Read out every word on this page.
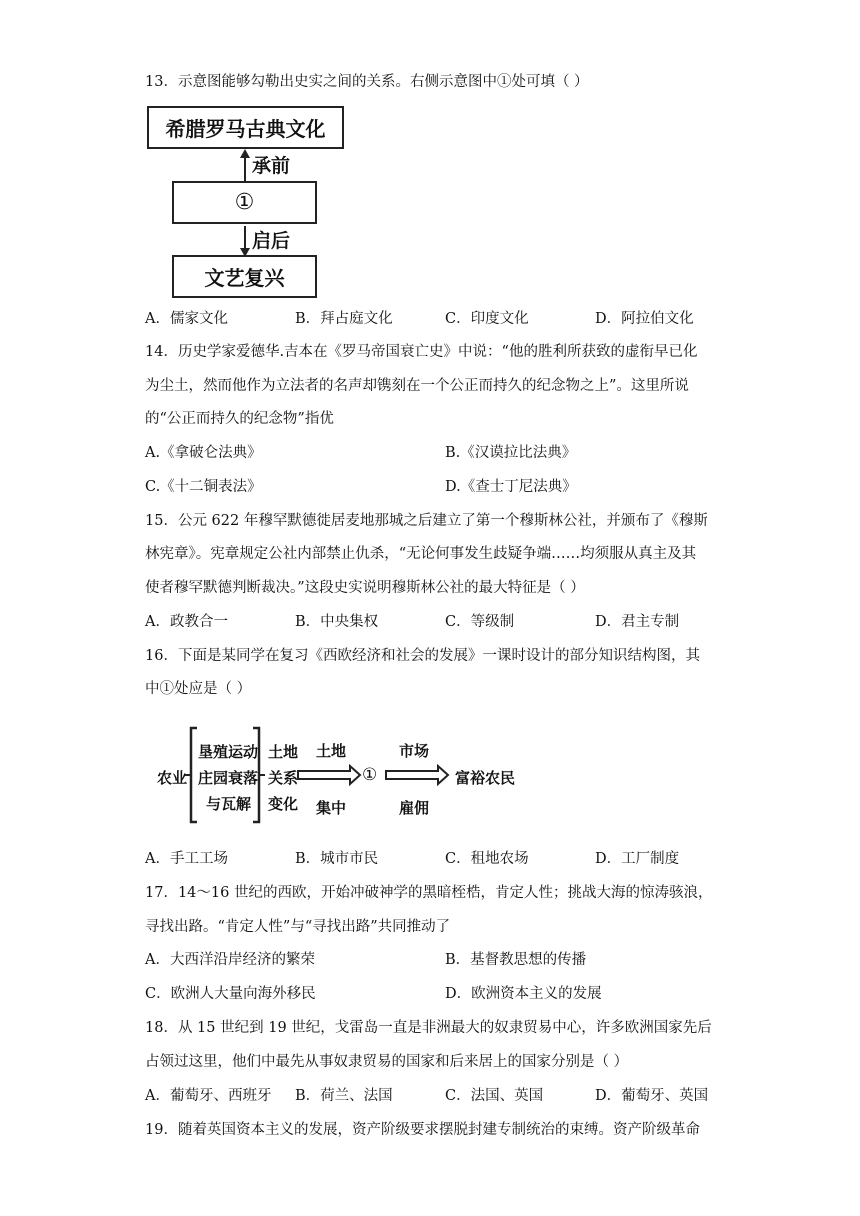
13．示意图能够勾勒出史实之间的关系。右侧示意图中①处可填（ ）
希腊罗马古典文化
承前
①
启后
文艺复兴
A．儒家文化	B．拜占庭文化	C．印度文化	D．阿拉伯文化
14．历史学家爱德华.吉本在《罗马帝国衰亡史》中说：“他的胜利所获致的虚衔早已化
为尘土，然而他作为立法者的名声却镌刻在一个公正而持久的纪念物之上”。这里所说
的“公正而持久的纪念物”指优
A.《拿破仑法典》	B.《汉谟拉比法典》
C.《十二铜表法》	D.《查士丁尼法典》
15．公元 622 年穆罕默德徙居麦地那城之后建立了第一个穆斯林公社，并颁布了《穆斯
林宪章》。宪章规定公社内部禁止仇杀，“无论何事发生歧疑争端……均须服从真主及其
使者穆罕默德判断裁决。”这段史实说明穆斯林公社的最大特征是（ ）
A．政教合一	B．中央集权	C．等级制	D．君主专制
16．下面是某同学在复习《西欧经济和社会的发展》一课时设计的部分知识结构图，其
中①处应是（ ）
农业
垦殖运动
庄园衰落
与瓦解
土地
关系
变化
土地
集中
①
市场
雇佣
富裕农民
A．手工工场	B．城市市民	C．租地农场	D．工厂制度
17．14～16 世纪的西欧，开始冲破神学的黑暗桎梏，肯定人性；挑战大海的惊涛骇浪，
寻找出路。“肯定人性”与“寻找出路”共同推动了
A．大西洋沿岸经济的繁荣	B．基督教思想的传播
C．欧洲人大量向海外移民	D．欧洲资本主义的发展
18．从 15 世纪到 19 世纪，戈雷岛一直是非洲最大的奴隶贸易中心，许多欧洲国家先后
占领过这里，他们中最先从事奴隶贸易的国家和后来居上的国家分别是（ ）
A．葡萄牙、西班牙 B．荷兰、法国	C．法国、英国	D．葡萄牙、英国
19．随着英国资本主义的发展，资产阶级要求摆脱封建专制统治的束缚。资产阶级革命
